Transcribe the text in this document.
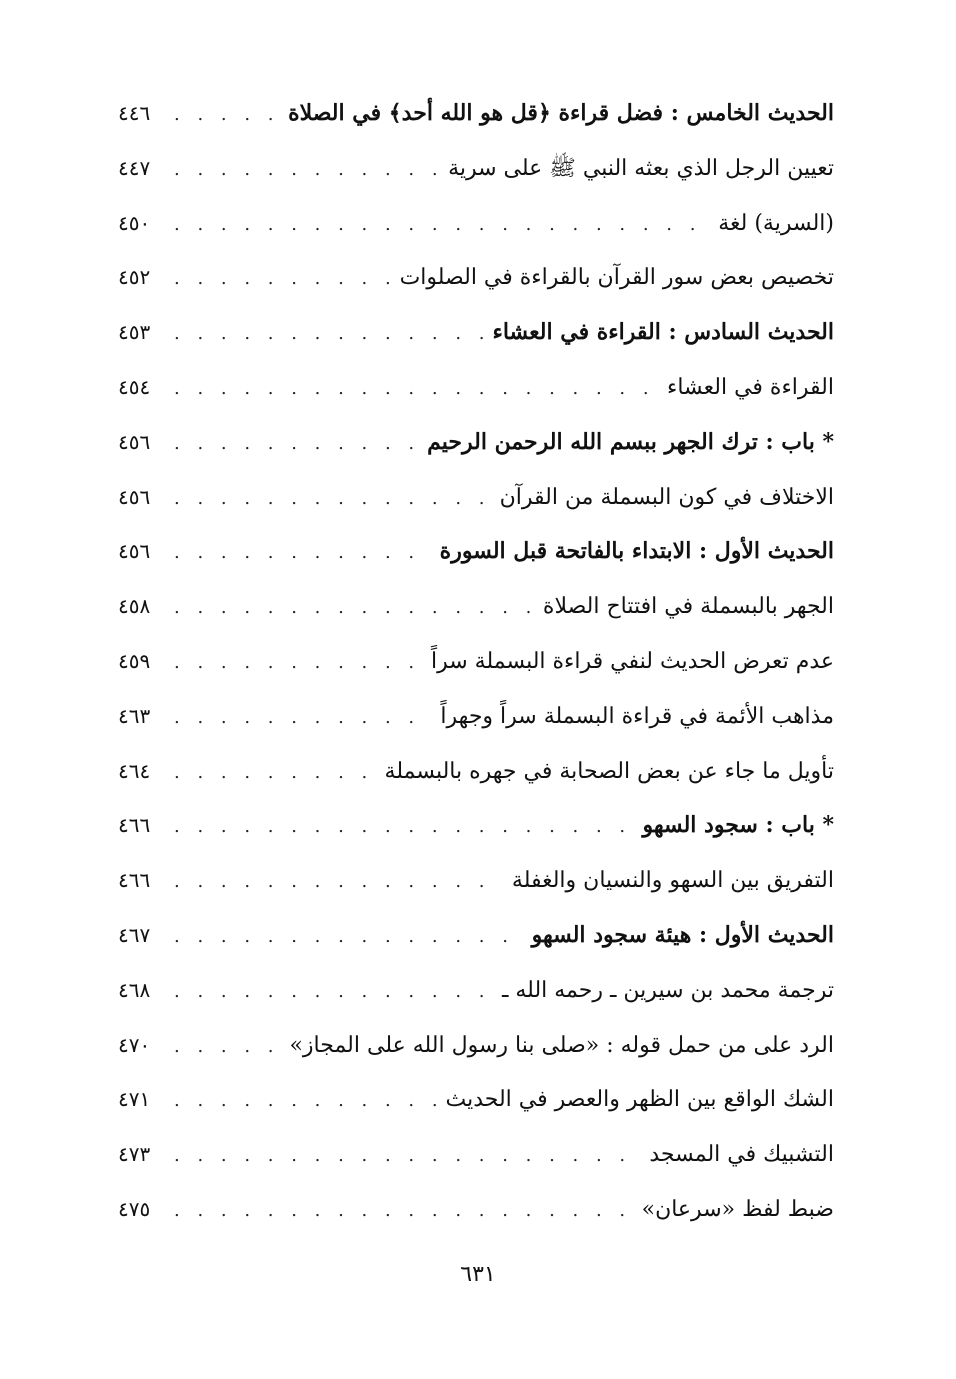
الحديث الخامس : فضل قراءة ﴿قل هو الله أحد﴾ في الصلاة
. . .
٤٤٦
تعيين الرجل الذي بعثه النبي ﷺ على سرية
. . .
٤٤٧
(السرية) لغة
. . .
٤٥٠
تخصيص بعض سور القرآن بالقراءة في الصلوات
. . .
٤٥٢
الحديث السادس : القراءة في العشاء
. . .
٤٥٣
القراءة في العشاء
. . .
٤٥٤
* باب : ترك الجهر ببسم الله الرحمن الرحيم
. . .
٤٥٦
الاختلاف في كون البسملة من القرآن
. . .
٤٥٦
الحديث الأول : الابتداء بالفاتحة قبل السورة
. . .
٤٥٦
الجهر بالبسملة في افتتاح الصلاة
. . .
٤٥٨
عدم تعرض الحديث لنفي قراءة البسملة سراً
. . .
٤٥٩
مذاهب الأئمة في قراءة البسملة سراً وجهراً
. . .
٤٦٣
تأويل ما جاء عن بعض الصحابة في جهره بالبسملة
. . .
٤٦٤
* باب : سجود السهو
. . .
٤٦٦
التفريق بين السهو والنسيان والغفلة
. . .
٤٦٦
الحديث الأول : هيئة سجود السهو
. . .
٤٦٧
ترجمة محمد بن سيرين ـ رحمه الله ـ
. . .
٤٦٨
الرد على من حمل قوله : «صلى بنا رسول الله على المجاز»
. . .
٤٧٠
الشك الواقع بين الظهر والعصر في الحديث
. . .
٤٧١
التشبيك في المسجد
. . .
٤٧٣
ضبط لفظ «سرعان»
. . .
٤٧٥
٦٣١
